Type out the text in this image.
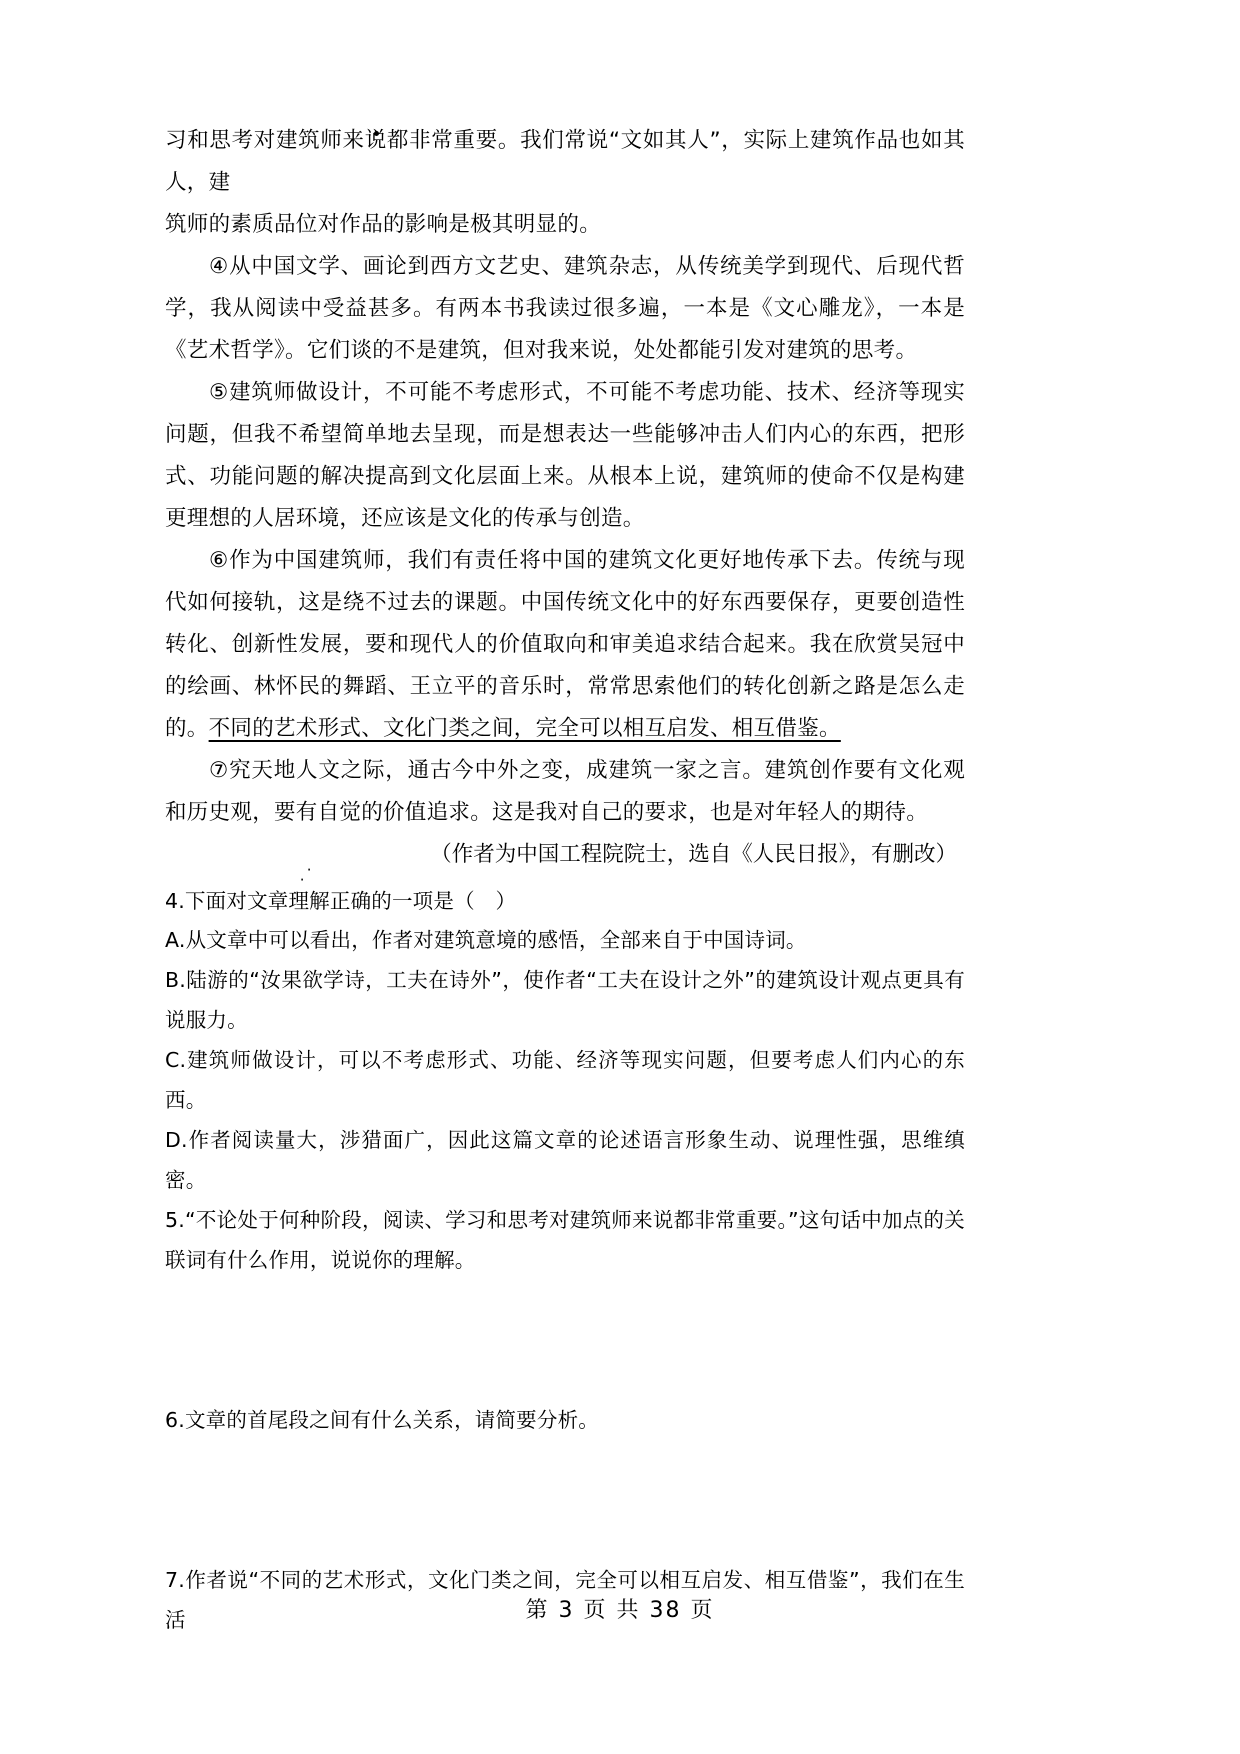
习和思考对建筑师来说都非常重要。我们常说“文如其人”，实际上建筑作品也如其人，建

筑师的素质品位对作品的影响是极其明显的。

④从中国文学、画论到西方文艺史、建筑杂志，从传统美学到现代、后现代哲学，我从阅读中受益甚多。有两本书我读过很多遍，一本是《文心雕龙》，一本是《艺术哲学》。它们谈的不是建筑，但对我来说，处处都能引发对建筑的思考。

⑤建筑师做设计，不可能不考虑形式，不可能不考虑功能、技术、经济等现实问题，但我不希望简单地去呈现，而是想表达一些能够冲击人们内心的东西，把形式、功能问题的解决提高到文化层面上来。从根本上说，建筑师的使命不仅是构建更理想的人居环境，还应该是文化的传承与创造。

⑥作为中国建筑师，我们有责任将中国的建筑文化更好地传承下去。传统与现代如何接轨，这是绕不过去的课题。中国传统文化中的好东西要保存，更要创造性转化、创新性发展，要和现代人的价值取向和审美追求结合起来。我在欣赏吴冠中的绘画、林怀民的舞蹈、王立平的音乐时，常常思索他们的转化创新之路是怎么走的。不同的艺术形式、文化门类之间，完全可以相互启发、相互借鉴。

⑦究天地人文之际，通古今中外之变，成建筑一家之言。建筑创作要有文化观和历史观，要有自觉的价值追求。这是我对自己的要求，也是对年轻人的期待。

（作者为中国工程院院士，选自《人民日报》，有删改）

4.下面对文章
··
理解正确的一项是（　）

A.从文章中可以看出，作者对建筑意境的感悟，全部来自于中国诗词。

B.陆游的“汝果欲学诗，工夫在诗外”，使作者“工夫在设计之外”的建筑设计观点更具有说服力。

C.建筑师做设计，可以不考虑形式、功能、经济等现实问题，但要考虑人们内心的东西。

D.作者阅读量大，涉猎面广，因此这篇文章的论述语言形象生动、说理性强，思维缜密。

5.“不论处于何种阶段，阅读、学习和思考对建筑师来说都非常重要。”这句话中加点的关联词有什么作用，说说你的理解。

6.文章的首尾段之间有什么关系，请简要分析。

7.作者说“不同的艺术形式，文化门类之间，完全可以相互启发、相互借鉴”，我们在生活	第 3 页 共 38 页
